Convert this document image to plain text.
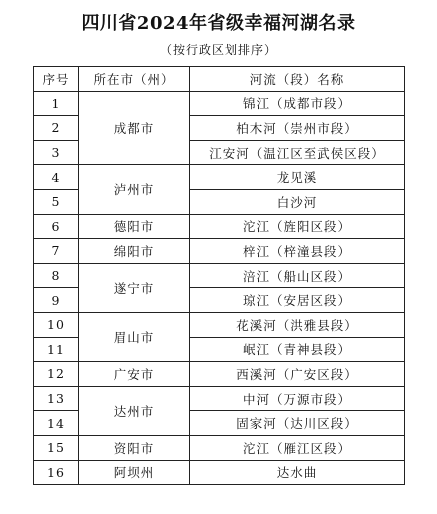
四川省2024年省级幸福河湖名录
（按行政区划排序）
序号	所在市（州）	河流（段）名称
1	成都市	锦江（成都市段）
2		柏木河（崇州市段）
3		江安河（温江区至武侯区段）
4	泸州市	龙见溪
5		白沙河
6	德阳市	沱江（旌阳区段）
7	绵阳市	梓江（梓潼县段）
8	遂宁市	涪江（船山区段）
9		琼江（安居区段）
10	眉山市	花溪河（洪雅县段）
11		岷江（青神县段）
12	广安市	西溪河（广安区段）
13	达州市	中河（万源市段）
14		固家河（达川区段）
15	资阳市	沱江（雁江区段）
16	阿坝州	达水曲
